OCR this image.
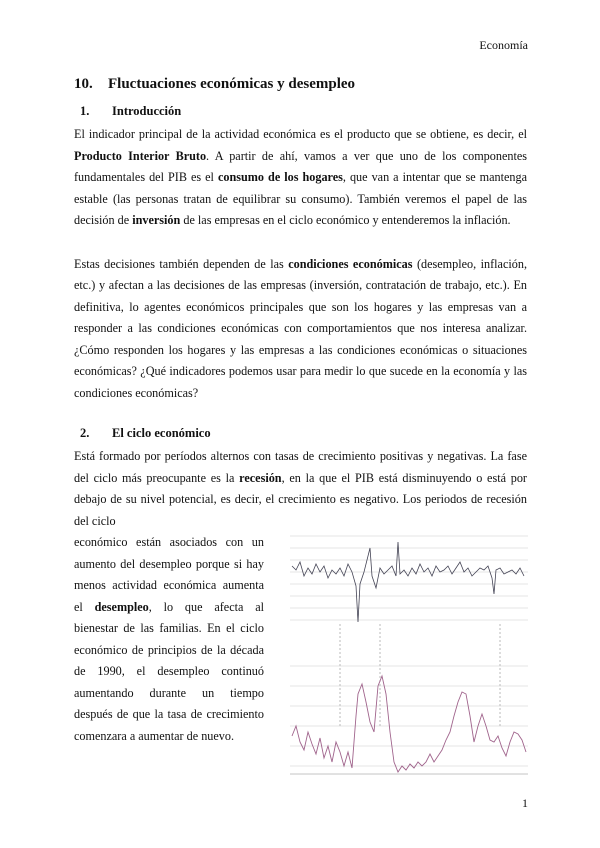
Economía
10. Fluctuaciones económicas y desempleo
1. Introducción

El indicador principal de la actividad económica es el producto que se obtiene, es decir, el Producto Interior Bruto. A partir de ahí, vamos a ver que uno de los componentes fundamentales del PIB es el consumo de los hogares, que van a intentar que se mantenga estable (las personas tratan de equilibrar su consumo). También veremos el papel de las decisión de inversión de las empresas en el ciclo económico y entenderemos la inflación.

Estas decisiones también dependen de las condiciones económicas (desempleo, inflación, etc.) y afectan a las decisiones de las empresas (inversión, contratación de trabajo, etc.). En definitiva, lo agentes económicos principales que son los hogares y las empresas van a responder a las condiciones económicas con comportamientos que nos interesa analizar. ¿Cómo responden los hogares y las empresas a las condiciones económicas o situaciones económicas? ¿Qué indicadores podemos usar para medir lo que sucede en la economía y las condiciones económicas?

2. El ciclo económico

Está formado por períodos alternos con tasas de crecimiento positivas y negativas. La fase del ciclo más preocupante es la recesión, en la que el PIB está disminuyendo o está por debajo de su nivel potencial, es decir, el crecimiento es negativo. Los periodos de recesión del ciclo

económico están asociados con un aumento del desempleo porque si hay menos actividad económica aumenta el desempleo, lo que afecta al bienestar de las familias. En el ciclo económico de principios de la década de 1990, el desempleo continuó aumentando durante un tiempo después de que la tasa de crecimiento comenzara a aumentar de nuevo.

1
